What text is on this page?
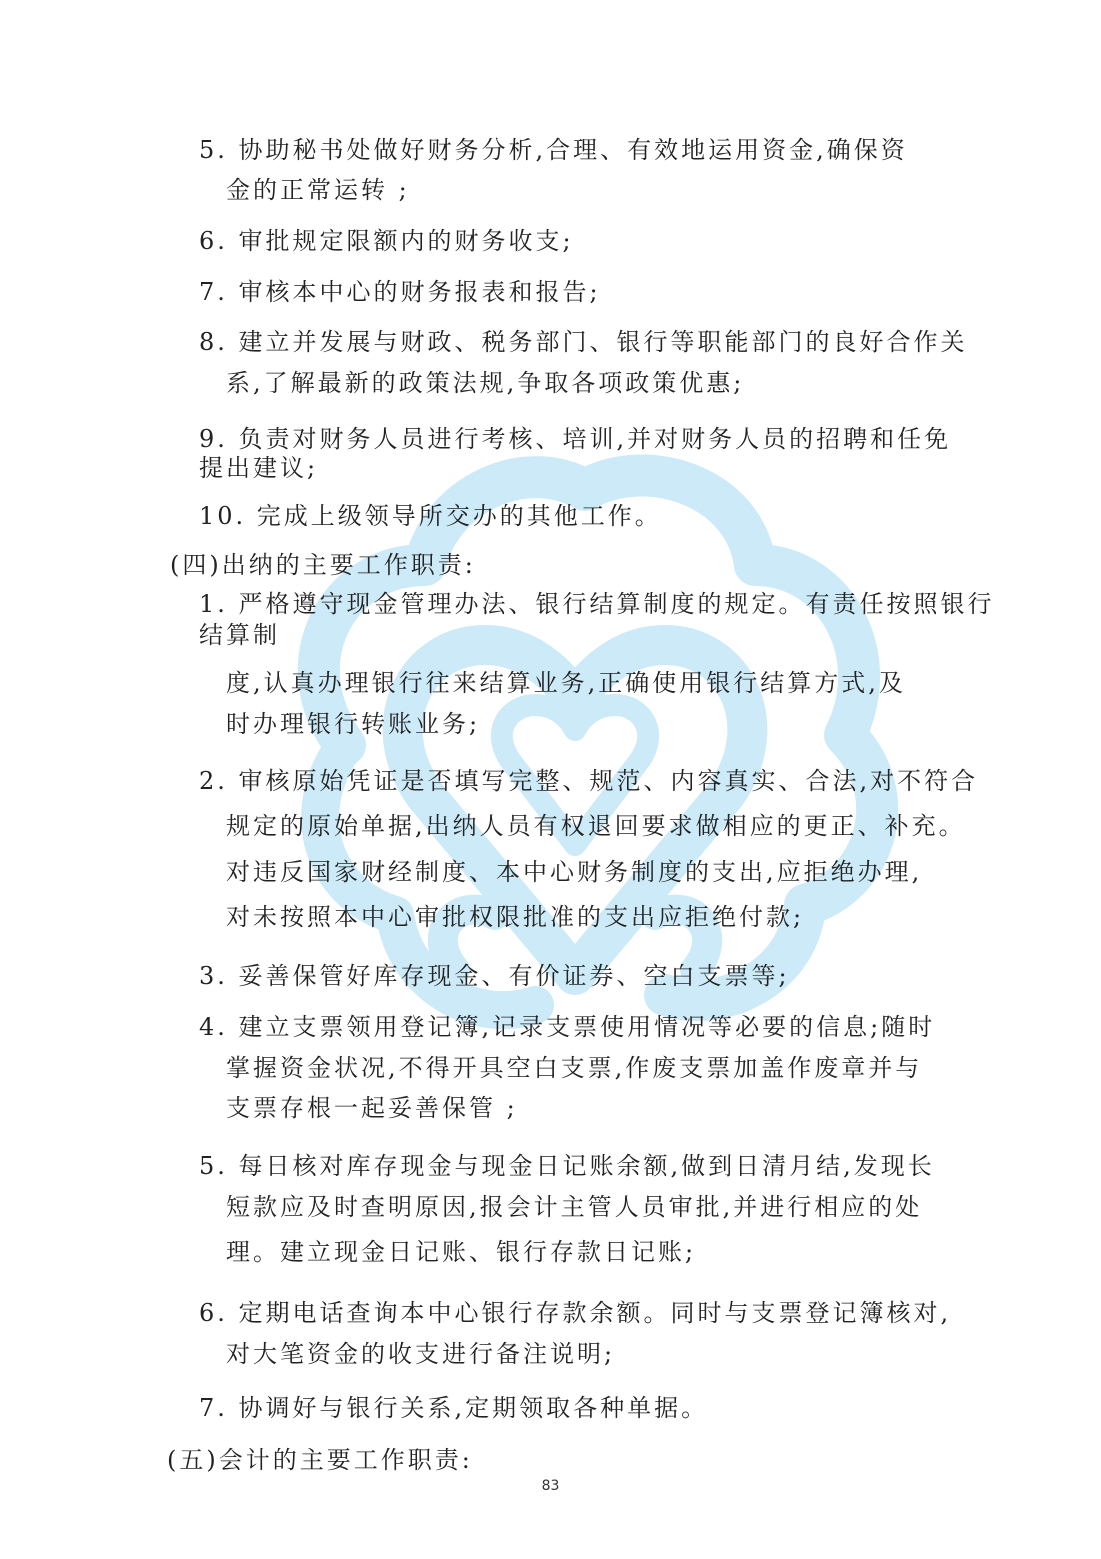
5. 协助秘书处做好财务分析,合理、有效地运用资金,确保资
金的正常运转 ;
6. 审批规定限额内的财务收支;
7. 审核本中心的财务报表和报告;
8. 建立并发展与财政、税务部门、银行等职能部门的良好合作关
系,了解最新的政策法规,争取各项政策优惠;
9. 负责对财务人员进行考核、培训,并对财务人员的招聘和任免
提出建议;
10. 完成上级领导所交办的其他工作。
(四)出纳的主要工作职责:
1. 严格遵守现金管理办法、银行结算制度的规定。有责任按照银行
结算制
度,认真办理银行往来结算业务,正确使用银行结算方式,及
时办理银行转账业务;
2. 审核原始凭证是否填写完整、规范、内容真实、合法,对不符合
规定的原始单据,出纳人员有权退回要求做相应的更正、补充。
对违反国家财经制度、本中心财务制度的支出,应拒绝办理,
对未按照本中心审批权限批准的支出应拒绝付款;
3. 妥善保管好库存现金、有价证券、空白支票等;
4. 建立支票领用登记簿,记录支票使用情况等必要的信息;随时
掌握资金状况,不得开具空白支票,作废支票加盖作废章并与
支票存根一起妥善保管 ;
5. 每日核对库存现金与现金日记账余额,做到日清月结,发现长
短款应及时查明原因,报会计主管人员审批,并进行相应的处
理。建立现金日记账、银行存款日记账;
6. 定期电话查询本中心银行存款余额。同时与支票登记簿核对,
对大笔资金的收支进行备注说明;
7. 协调好与银行关系,定期领取各种单据。
(五)会计的主要工作职责:
83
